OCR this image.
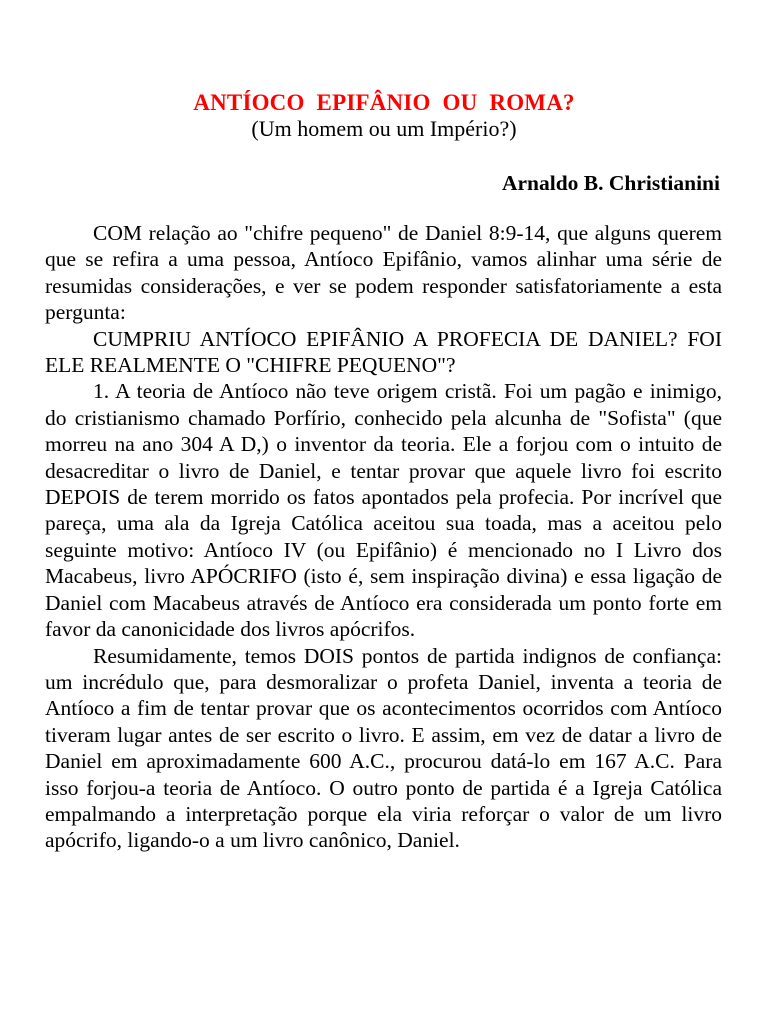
ANTÍOCO EPIFÂNIO OU ROMA?

(Um homem ou um Império?)

Arnaldo B. Christianini

COM relação ao "chifre pequeno" de Daniel 8:9-14, que alguns querem que se refira a uma pessoa, Antíoco Epifânio, vamos alinhar uma série de resumidas considerações, e ver se podem responder satisfatoriamente a esta pergunta:

CUMPRIU ANTÍOCO EPIFÂNIO A PROFECIA DE DANIEL? FOI ELE REALMENTE O "CHIFRE PEQUENO"?

1. A teoria de Antíoco não teve origem cristã. Foi um pagão e inimigo, do cristianismo chamado Porfírio, conhecido pela alcunha de "Sofista" (que morreu na ano 304 A D,) o inventor da teoria. Ele a forjou com o intuito de desacreditar o livro de Daniel, e tentar provar que aquele livro foi escrito DEPOIS de terem morrido os fatos apontados pela profecia. Por incrível que pareça, uma ala da Igreja Católica aceitou sua toada, mas a aceitou pelo seguinte motivo: Antíoco IV (ou Epifânio) é mencionado no I Livro dos Macabeus, livro APÓCRIFO (isto é, sem inspiração divina) e essa ligação de Daniel com Macabeus através de Antíoco era considerada um ponto forte em favor da canonicidade dos livros apócrifos.

Resumidamente, temos DOIS pontos de partida indignos de confiança: um incrédulo que, para desmoralizar o profeta Daniel, inventa a teoria de Antíoco a fim de tentar provar que os acontecimentos ocorridos com Antíoco tiveram lugar antes de ser escrito o livro. E assim, em vez de datar a livro de Daniel em aproximadamente 600 A.C., procurou datá-lo em 167 A.C. Para isso forjou-a teoria de Antíoco. O outro ponto de partida é a Igreja Católica empalmando a interpretação porque ela viria reforçar o valor de um livro apócrifo, ligando-o a um livro canônico, Daniel.
